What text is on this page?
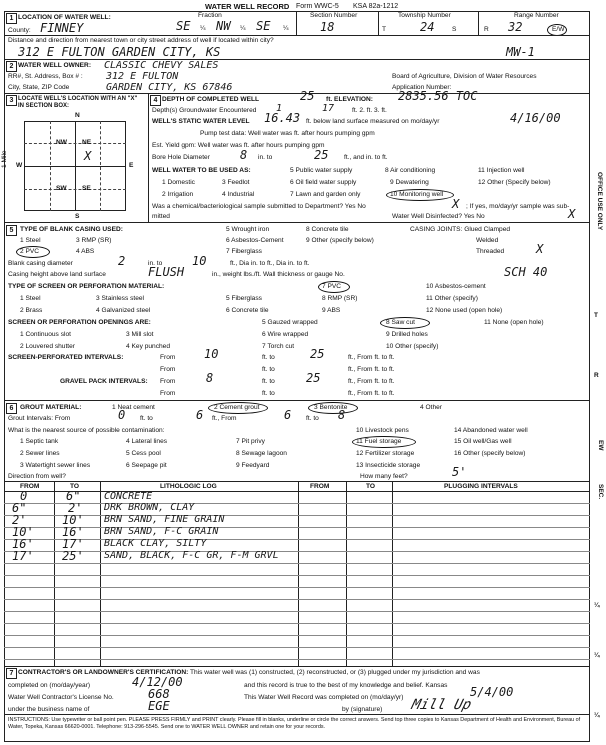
WATER WELL RECORD Form WWC-5 KSA 82a-1212
1 LOCATION OF WATER WELL:	Fraction
SE ¼ NW ¼ SE ¼
Section Number
18
Township Number
T	24	S
Range Number
R 32	E/W
County: FINNEY
Distance and direction from nearest town or city street address of well if located within city?
312 E FULTON GARDEN CITY, KS	MW-1
2 WATER WELL OWNER: CLASSIC CHEVY SALES
RR#, St. Address, Box # : 312 E FULTON
City, State, ZIP Code	GARDEN CITY, KS 67846
Board of Agriculture, Division of Water Resources
Application Number:
3 LOCATE WELL'S LOCATION WITH AN "X" IN SECTION BOX:
N
NW NE
SW SE
W	E
S
1 Mile	X
4 DEPTH OF COMPLETED WELL	25 ft. ELEVATION: 2835.56 TOC
Depth(s) Groundwater Encountered 1	17	ft. 2. ft. 3. ft.
WELL'S STATIC WATER LEVEL 16.43 ft. below land surface measured on mo/day/yr	4/16/00
Pump test data: Well water was ft. after hours pumping gpm
Est. Yield gpm: Well water was ft. after hours pumping gpm
Bore Hole Diameter	8 in. to	25 ft., and in. to ft.
WELL WATER TO BE USED AS:
1 Domestic	3 Feedlot
5 Public water supply	8 Air conditioning	11 Injection well
2 Irrigation	4 Industrial
6 Oil field water supply	9 Dewatering	12 Other (Specify below)
7 Lawn and garden only	10 Monitoring well
Was a chemical/bacteriological sample submitted to Department? Yes No	X ; If yes, mo/day/yr sample was sub-
mitted	Water Well Disinfected? Yes No	X
5 TYPE OF BLANK CASING USED:
1 Steel	3 RMP (SR)
5 Wrought iron	8 Concrete tile
2 PVC	4 ABS
6 Asbestos-Cement
7 Fiberglass
9 Other (specify below)
CASING JOINTS: Glued Clamped
Welded
Threaded	X
Blank casing diameter	2	in. to 10	ft., Dia in. to ft., Dia in. to ft.
Casing height above land surface	FLUSH	in., weight lbs./ft. Wall thickness or gauge No.	SCH 40
TYPE OF SCREEN OR PERFORATION MATERIAL:
1 Steel	3 Stainless steel	5 Fiberglass
7 PVC	10 Asbestos-cement
2 Brass	4 Galvanized steel	6 Concrete tile
8 RMP (SR)	11 Other (specify)
9 ABS	12 None used (open hole)
SCREEN OR PERFORATION OPENINGS ARE:	5 Gauzed wrapped	8 Saw cut	11 None (open hole)
1 Continuous slot	3 Mill slot	6 Wire wrapped	9 Drilled holes
2 Louvered shutter	4 Key punched	7 Torch cut	10 Other (specify)
SCREEN-PERFORATED INTERVALS:	From 10	ft. to	25	ft., From ft. to ft.
From	ft. to	ft., From ft. to ft.
GRAVEL PACK INTERVALS: From	8	ft. to	25	ft., From ft. to ft.
From	ft. to	ft., From ft. to ft.
6 GROUT MATERIAL:	1 Neat cement	2 Cement grout	3 Bentonite	4 Other
Grout Intervals: From	0 ft. to	6 ft., From	6 ft. to 8
What is the nearest source of possible contamination:
1 Septic tank	4 Lateral lines	7 Pit privy
10 Livestock pens	14 Abandoned water well
2 Sewer lines	5 Cess pool	8 Sewage lagoon
11 Fuel storage	15 Oil well/Gas well
3 Watertight sewer lines	6 Seepage pit	9 Feedyard
12 Fertilizer storage	16 Other (specify below)
13 Insecticide storage
Direction from well?	How many feet?	5'
FROM	TO	LITHOLOGIC LOG	FROM	TO	PLUGGING INTERVALS
0	6" CONCRETE
6"	2' DRK BROWN, CLAY
2'	10' BRN SAND, FINE GRAIN
10' 16' BRN SAND, F-C GRAIN
16' 17' BLACK CLAY, SILTY
17' 25' SAND, BLACK, F-C GR, F-M GRVL
7 CONTRACTOR'S OR LANDOWNER'S CERTIFICATION: This water well was (1) constructed, (2) reconstructed, or (3) plugged under my jurisdiction and was
completed on (mo/day/year)	4/12/00	and this record is true to the best of my knowledge and belief. Kansas
Water Well Contractor's License No.	668	This Water Well Record was completed on (mo/day/yr)	5/4/00
under the business name of	EGE	by (signature) Mill Up
INSTRUCTIONS: Use typewriter or ball point pen. PLEASE PRESS FIRMLY and PRINT clearly. Please fill in blanks, underline or circle the correct answers. Send top three copies to Kansas Department of Health and Environment, Bureau of Water, Topeka, Kansas 66620-0001. Telephone: 913-296-5545. Send one to WATER WELL OWNER and retain one for your records.
OFFICE USE ONLY
T
R
EW
SEC.
¼
¼
¼
